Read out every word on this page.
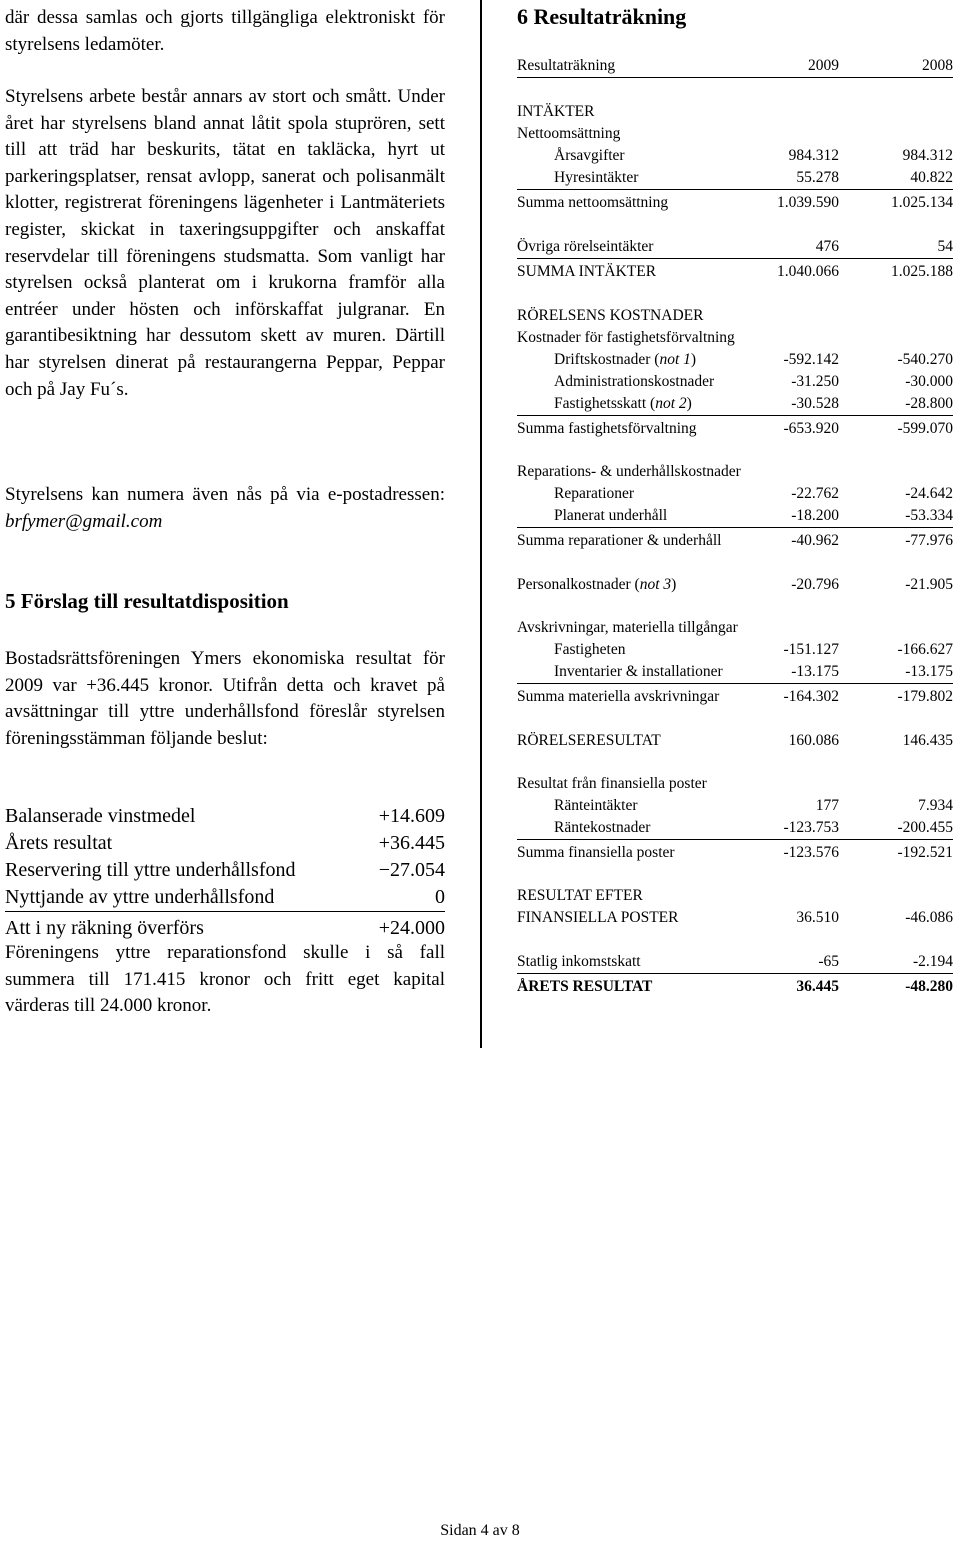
där dessa samlas och gjorts tillgängliga elektroniskt för styrelsens ledamöter.

Styrelsens arbete består annars av stort och smått. Under året har styrelsens bland annat låtit spola stuprören, sett till att träd har beskurits, tätat en takläcka, hyrt ut parkeringsplatser, rensat avlopp, sanerat och polisanmält klotter, registrerat föreningens lägenheter i Lantmäteriets register, skickat in taxeringsuppgifter och anskaffat reservdelar till föreningens studsmatta. Som vanligt har styrelsen också planterat om i krukorna framför alla entréer under hösten och införskaffat julgranar. En garantibesiktning har dessutom skett av muren. Därtill har styrelsen dinerat på restaurangerna Peppar, Peppar och på Jay Fu´s.

Styrelsens kan numera även nås på via e-postadressen: brfymer@gmail.com

5 Förslag till resultatdisposition

Bostadsrättsföreningen Ymers ekonomiska resultat för 2009 var +36.445 kronor. Utifrån detta och kravet på avsättningar till yttre underhållsfond föreslår styrelsen föreningsstämman följande beslut:

Balanserade vinstmedel	+14.609
Årets resultat	+36.445
Reservering till yttre underhållsfond	−27.054
Nyttjande av yttre underhållsfond	0
Att i ny räkning överförs	+24.000

Föreningens yttre reparationsfond skulle i så fall summera till 171.415 kronor och fritt eget kapital värderas till 24.000 kronor.

6 Resultaträkning
Resultaträkning	2009	2008
INTÄKTER
Nettoomsättning
Årsavgifter	984.312	984.312
Hyresintäkter	55.278	40.822
Summa nettoomsättning	1.039.590	1.025.134
Övriga rörelseintäkter	476	54
SUMMA INTÄKTER	1.040.066	1.025.188
RÖRELSENS KOSTNADER
Kostnader för fastighetsförvaltning
Driftskostnader (not 1)	-592.142	-540.270
Administrationskostnader	-31.250	-30.000
Fastighetsskatt (not 2)	-30.528	-28.800
Summa fastighetsförvaltning	-653.920	-599.070
Reparations- & underhållskostnader
Reparationer	-22.762	-24.642
Planerat underhåll	-18.200	-53.334
Summa reparationer & underhåll	-40.962	-77.976
Personalkostnader (not 3)	-20.796	-21.905
Avskrivningar, materiella tillgångar
Fastigheten	-151.127	-166.627
Inventarier & installationer	-13.175	-13.175
Summa materiella avskrivningar	-164.302	-179.802
RÖRELSERESULTAT	160.086	146.435
Resultat från finansiella poster
Ränteintäkter	177	7.934
Räntekostnader	-123.753	-200.455
Summa finansiella poster	-123.576	-192.521
RESULTAT EFTER
FINANSIELLA POSTER	36.510	-46.086
Statlig inkomstskatt	-65	-2.194
ÅRETS RESULTAT	36.445	-48.280
Sidan 4 av 8
